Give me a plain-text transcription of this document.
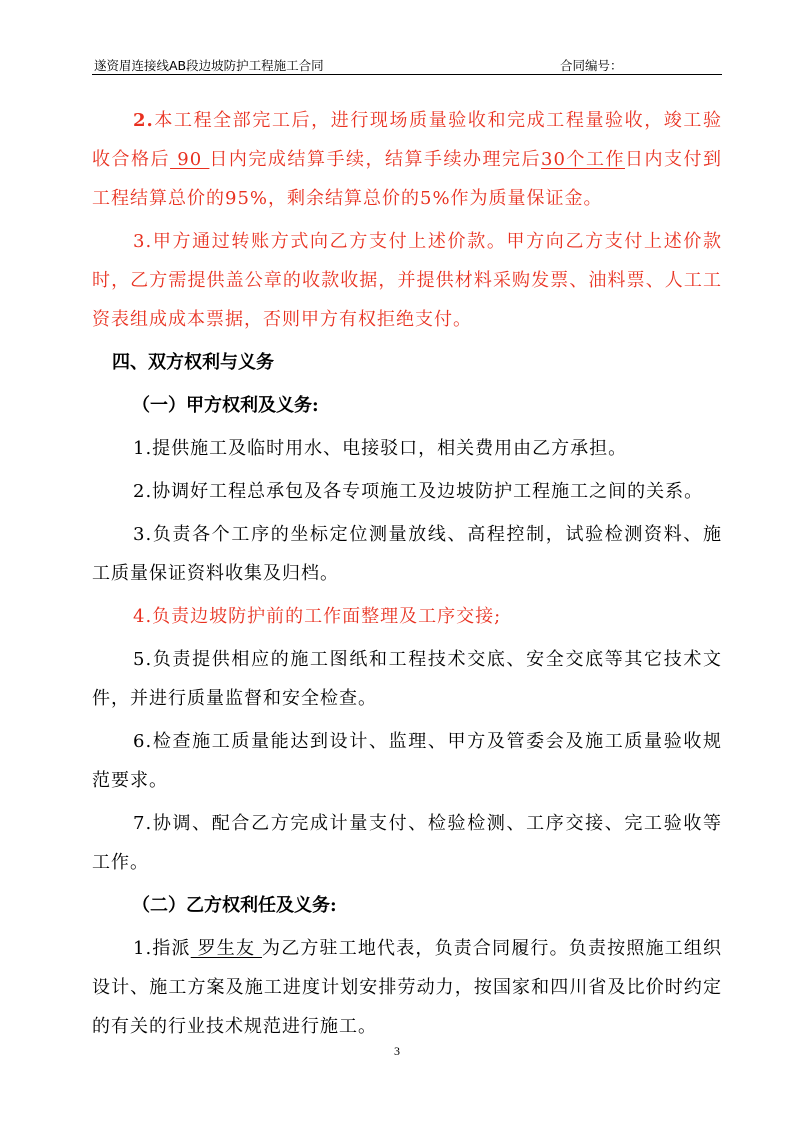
遂资眉连接线AB段边坡防护工程施工合同	合同编号：

2.本工程全部完工后，进行现场质量验收和完成工程量验收，竣工验收合格后 90 日内完成结算手续，结算手续办理完后30个工作日内支付到工程结算总价的95%，剩余结算总价的5%作为质量保证金。

3.甲方通过转账方式向乙方支付上述价款。甲方向乙方支付上述价款时，乙方需提供盖公章的收款收据，并提供材料采购发票、油料票、人工工资表组成成本票据，否则甲方有权拒绝支付。

四、双方权利与义务

（一）甲方权利及义务:

1.提供施工及临时用水、电接驳口，相关费用由乙方承担。

2.协调好工程总承包及各专项施工及边坡防护工程施工之间的关系。

3.负责各个工序的坐标定位测量放线、高程控制，试验检测资料、施工质量保证资料收集及归档。

4.负责边坡防护前的工作面整理及工序交接;

5.负责提供相应的施工图纸和工程技术交底、安全交底等其它技术文件，并进行质量监督和安全检查。

6.检查施工质量能达到设计、监理、甲方及管委会及施工质量验收规范要求。

7.协调、配合乙方完成计量支付、检验检测、工序交接、完工验收等工作。

（二）乙方权利任及义务:

1.指派 罗生友 为乙方驻工地代表，负责合同履行。负责按照施工组织设计、施工方案及施工进度计划安排劳动力，按国家和四川省及比价时约定的有关的行业技术规范进行施工。

3
